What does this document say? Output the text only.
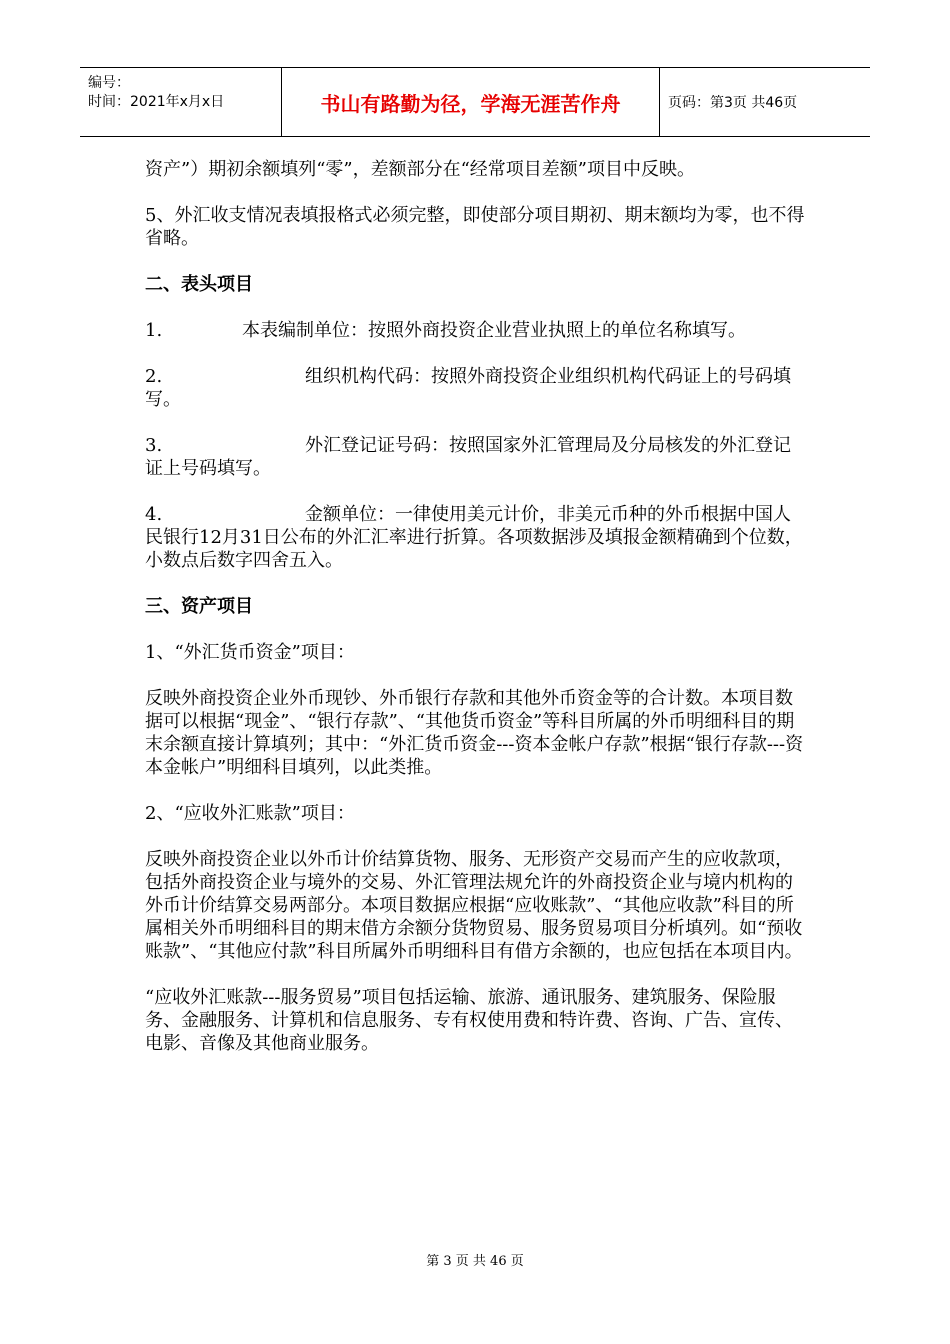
编号：
时间：2021年x月x日	书山有路勤为径，学海无涯苦作舟	页码：第3页 共46页

资产”）期初余额填列“零”，差额部分在“经常项目差额”项目中反映。

5、外汇收支情况表填报格式必须完整，即使部分项目期初、期末额均为零，也不得省略。

二、表头项目

1.	本表编制单位：按照外商投资企业营业执照上的单位名称填写。

2.	组织机构代码：按照外商投资企业组织机构代码证上的号码填写。

3.	外汇登记证号码：按照国家外汇管理局及分局核发的外汇登记证上号码填写。

4.	金额单位：一律使用美元计价，非美元币种的外币根据中国人民银行12月31日公布的外汇汇率进行折算。各项数据涉及填报金额精确到个位数，小数点后数字四舍五入。

三、资产项目

1、“外汇货币资金”项目：

反映外商投资企业外币现钞、外币银行存款和其他外币资金等的合计数。本项目数据可以根据“现金”、“银行存款”、“其他货币资金”等科目所属的外币明细科目的期末余额直接计算填列；其中：“外汇货币资金---资本金帐户存款”根据“银行存款---资本金帐户”明细科目填列，以此类推。

2、“应收外汇账款”项目：

反映外商投资企业以外币计价结算货物、服务、无形资产交易而产生的应收款项，包括外商投资企业与境外的交易、外汇管理法规允许的外商投资企业与境内机构的外币计价结算交易两部分。本项目数据应根据“应收账款”、“其他应收款”科目的所属相关外币明细科目的期末借方余额分货物贸易、服务贸易项目分析填列。如“预收账款”、“其他应付款”科目所属外币明细科目有借方余额的，也应包括在本项目内。

“应收外汇账款---服务贸易”项目包括运输、旅游、通讯服务、建筑服务、保险服务、金融服务、计算机和信息服务、专有权使用费和特许费、咨询、广告、宣传、电影、音像及其他商业服务。

第 3 页 共 46 页
